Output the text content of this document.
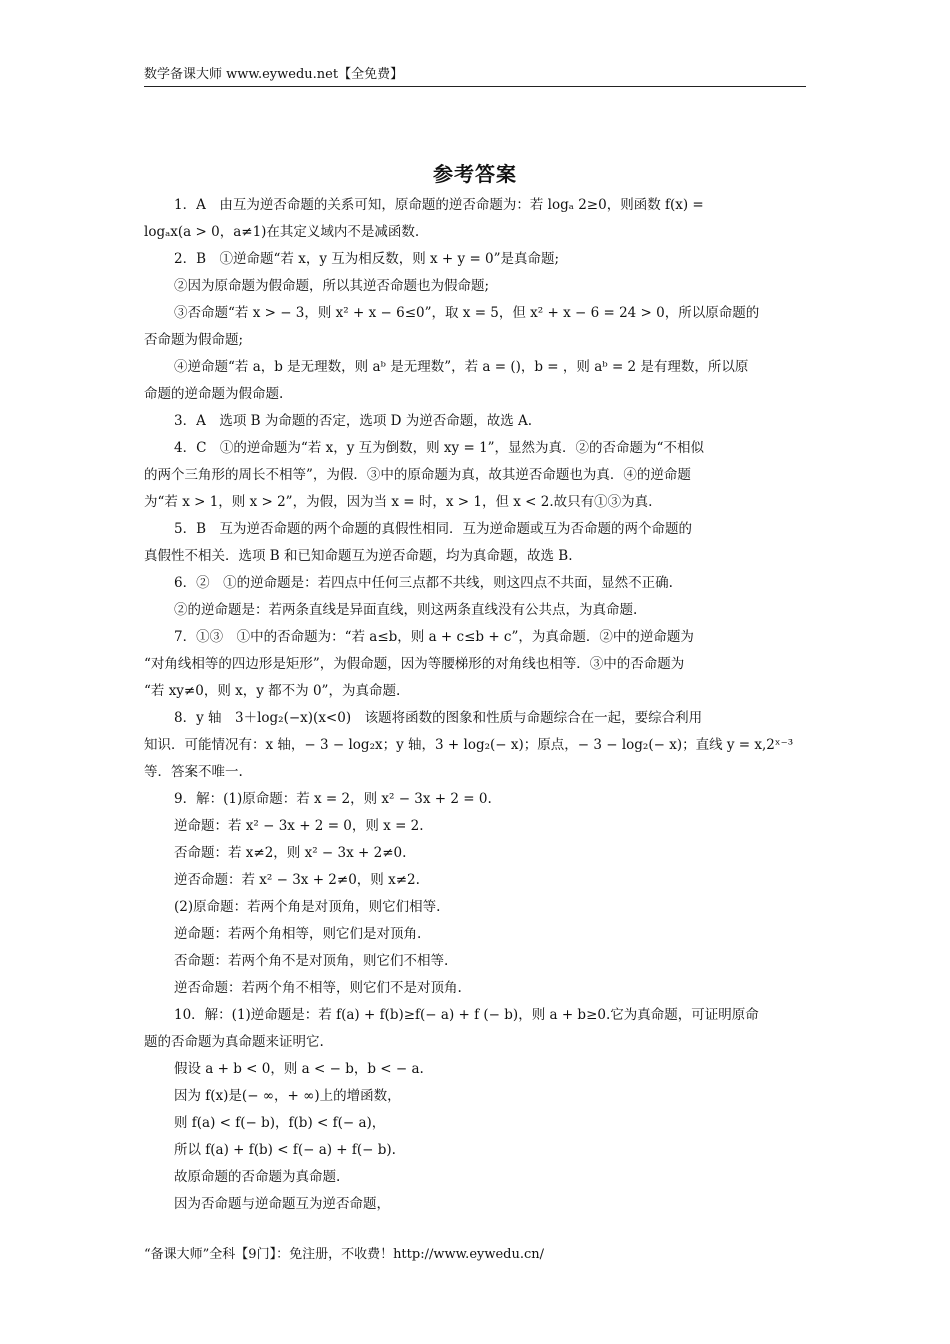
数学备课大师 www.eywedu.net【全免费】
参考答案

1．A　由互为逆否命题的关系可知，原命题的逆否命题为：若 logₐ 2≥0，则函数 f(x) =

logₐx(a > 0，a≠1)在其定义域内不是减函数.

2．B　①逆命题“若 x，y 互为相反数，则 x + y = 0”是真命题;

②因为原命题为假命题，所以其逆否命题也为假命题;

③否命题“若 x > − 3，则 x² + x − 6≤0”，取 x = 5，但 x² + x − 6 = 24 > 0，所以原命题的

否命题为假命题;

④逆命题“若 a，b 是无理数，则 aᵇ 是无理数”，若 a = ()，b = ，则 aᵇ = 2 是有理数，所以原

命题的逆命题为假命题.

3．A　选项 B 为命题的否定，选项 D 为逆否命题，故选 A.

4．C　①的逆命题为“若 x，y 互为倒数，则 xy = 1”，显然为真．②的否命题为“不相似

的两个三角形的周长不相等”，为假．③中的原命题为真，故其逆否命题也为真．④的逆命题

为“若 x > 1，则 x > 2”，为假，因为当 x = 时，x > 1，但 x < 2.故只有①③为真.

5．B　互为逆否命题的两个命题的真假性相同．互为逆命题或互为否命题的两个命题的

真假性不相关．选项 B 和已知命题互为逆否命题，均为真命题，故选 B.

6．②　①的逆命题是：若四点中任何三点都不共线，则这四点不共面，显然不正确.

②的逆命题是：若两条直线是异面直线，则这两条直线没有公共点，为真命题.

7．①③　①中的否命题为：“若 a≤b，则 a + c≤b + c”，为真命题．②中的逆命题为

“对角线相等的四边形是矩形”，为假命题，因为等腰梯形的对角线也相等．③中的否命题为

“若 xy≠0，则 x，y 都不为 0”，为真命题.

8．y 轴　3＋log₂(−x)(x<0)　该题将函数的图象和性质与命题综合在一起，要综合利用

知识．可能情况有：x 轴，− 3 − log₂x；y 轴，3 + log₂(− x)；原点，− 3 − log₂(− x)；直线 y = x,2ˣ⁻³

等．答案不唯一.

9．解：(1)原命题：若 x = 2，则 x² − 3x + 2 = 0.

逆命题：若 x² − 3x + 2 = 0，则 x = 2.

否命题：若 x≠2，则 x² − 3x + 2≠0.

逆否命题：若 x² − 3x + 2≠0，则 x≠2.

(2)原命题：若两个角是对顶角，则它们相等.

逆命题：若两个角相等，则它们是对顶角.

否命题：若两个角不是对顶角，则它们不相等.

逆否命题：若两个角不相等，则它们不是对顶角.

10．解：(1)逆命题是：若 f(a) + f(b)≥f(− a) + f (− b)，则 a + b≥0.它为真命题，可证明原命

题的否命题为真命题来证明它.

假设 a + b < 0，则 a < − b，b < − a.

因为 f(x)是(− ∞，+ ∞)上的增函数，

则 f(a) < f(− b)，f(b) < f(− a)，

所以 f(a) + f(b) < f(− a) + f(− b).

故原命题的否命题为真命题.

因为否命题与逆命题互为逆否命题，

“备课大师”全科【9门】：免注册，不收费！http://www.eywedu.cn/
